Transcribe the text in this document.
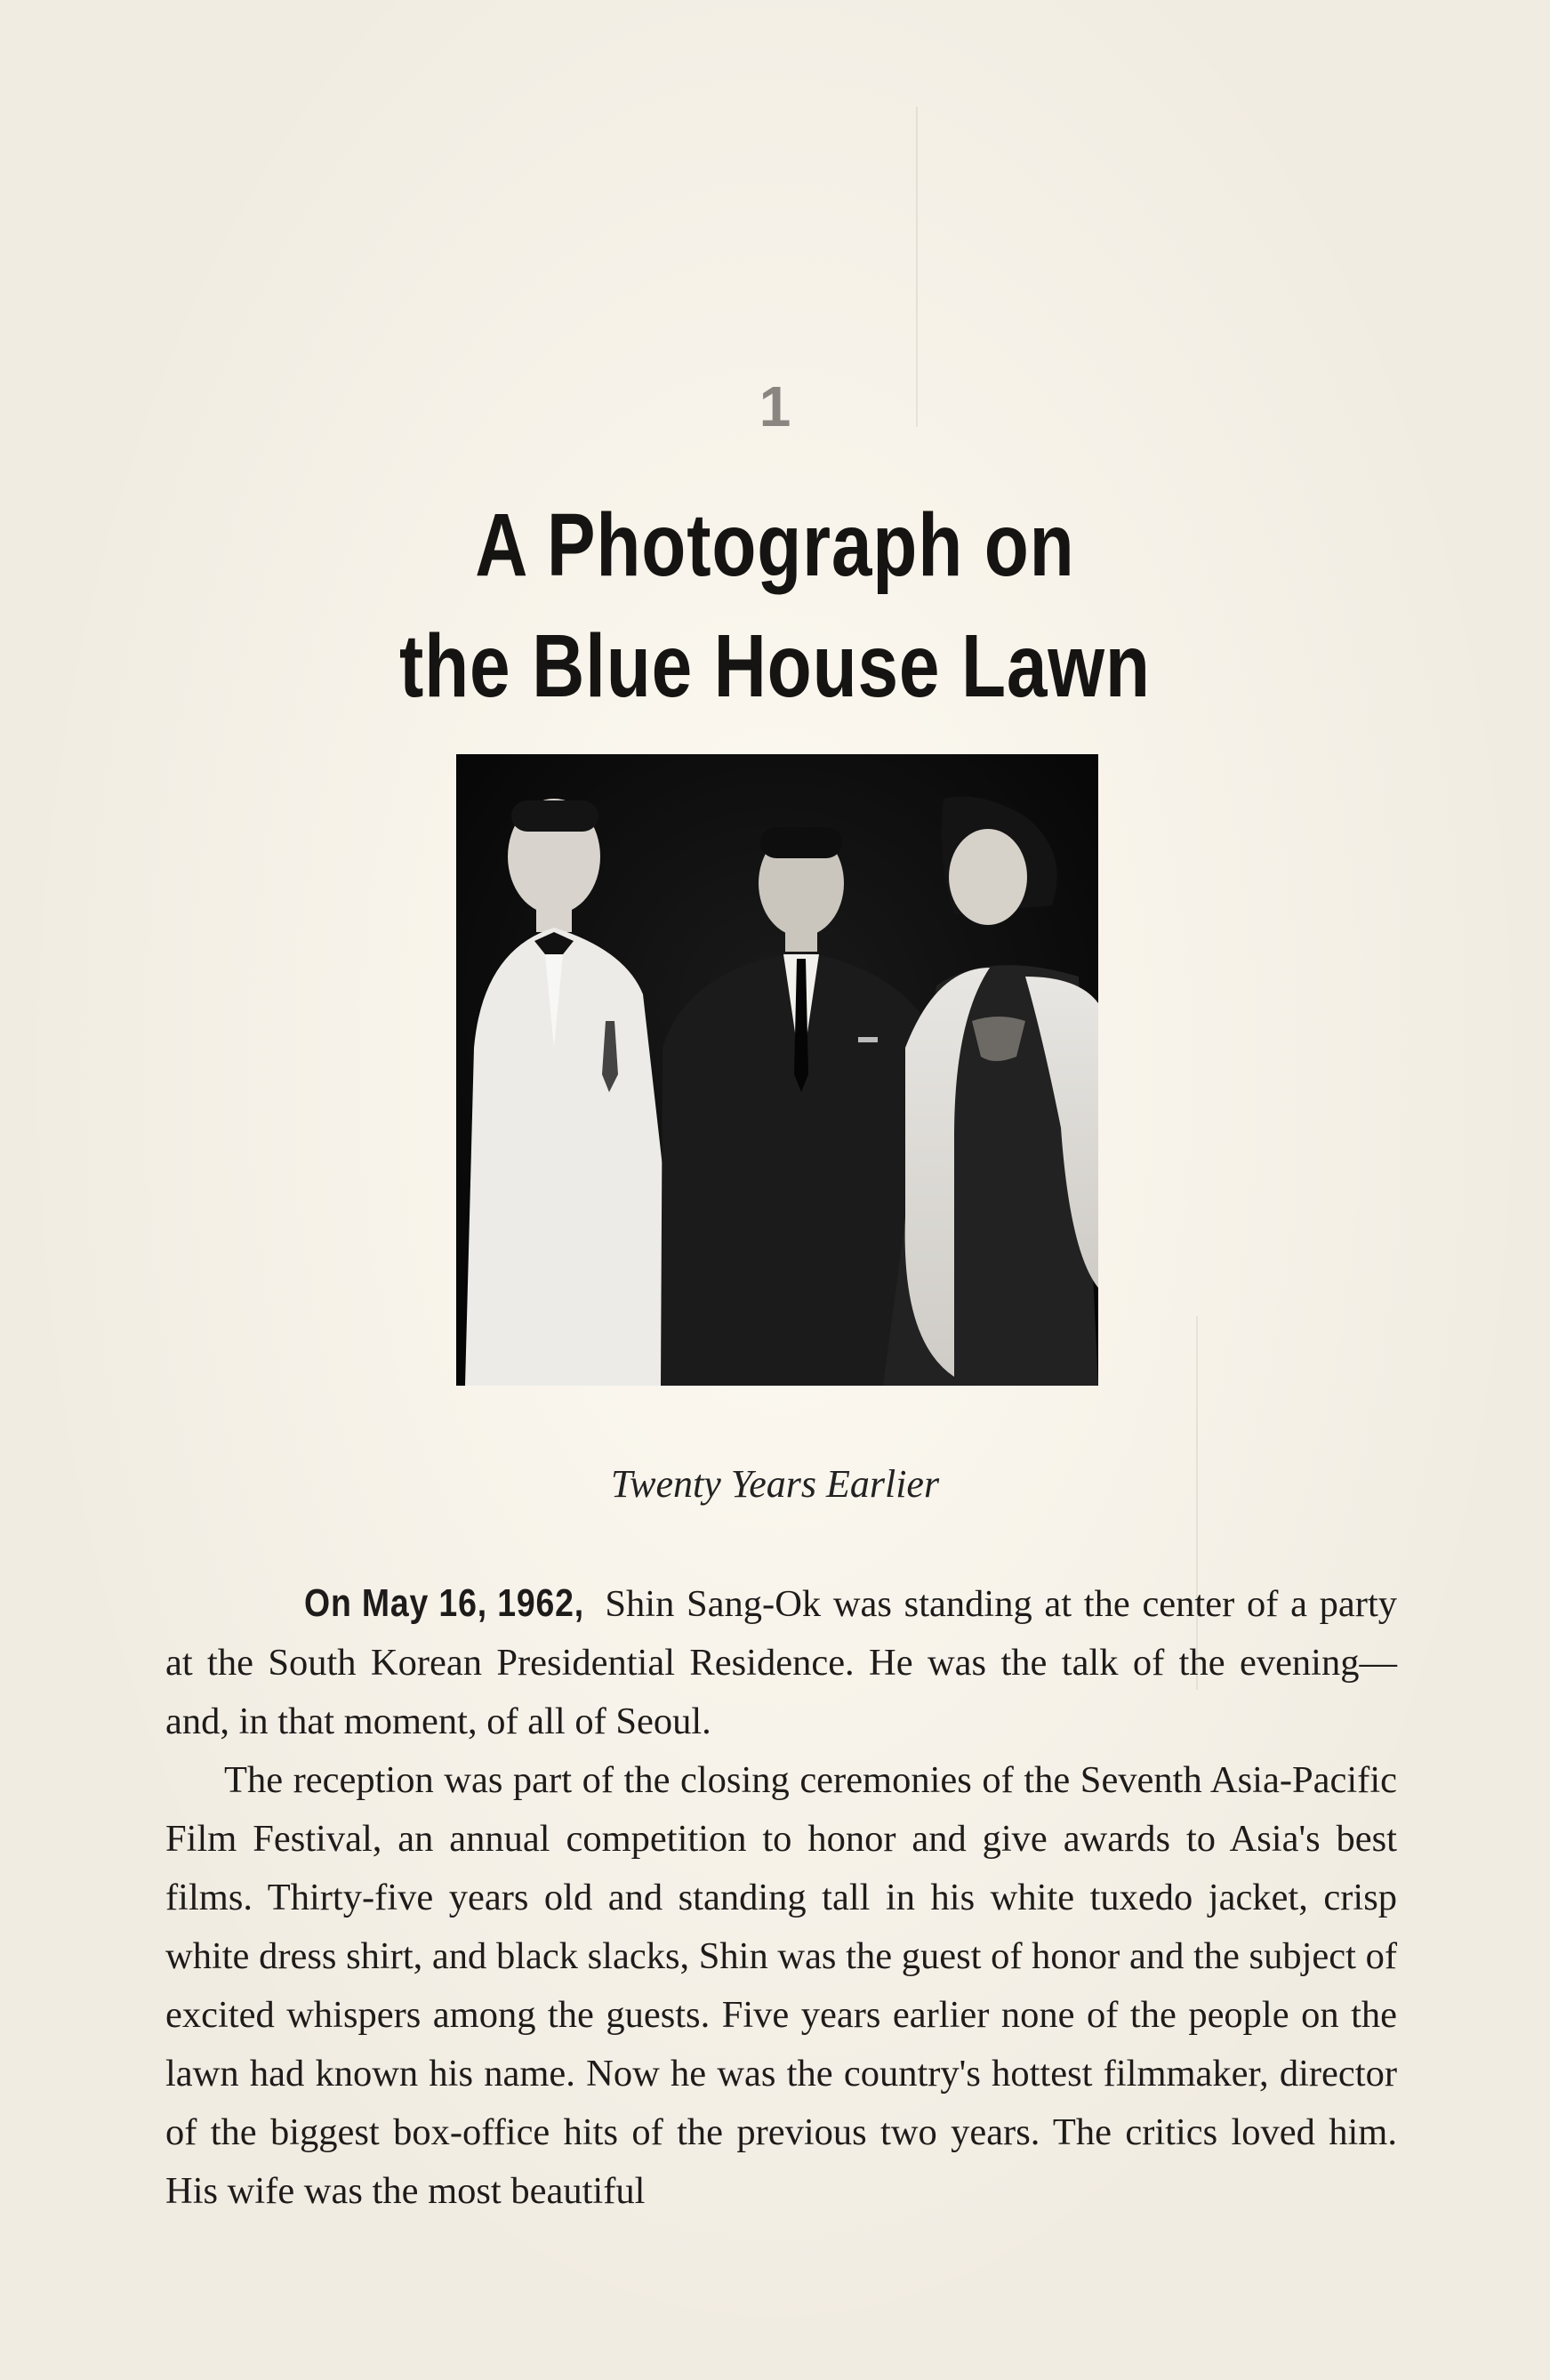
1
A Photograph on
the Blue House Lawn
Twenty Years Earlier

On May 16, 1962, Shin Sang-Ok was standing at the center of a party at the South Korean Presidential Residence. He was the talk of the evening—and, in that moment, of all of Seoul.

The reception was part of the closing ceremonies of the Seventh Asia-Pacific Film Festival, an annual competition to honor and give awards to Asia's best films. Thirty-five years old and standing tall in his white tuxedo jacket, crisp white dress shirt, and black slacks, Shin was the guest of honor and the subject of excited whispers among the guests. Five years earlier none of the people on the lawn had known his name. Now he was the country's hottest filmmaker, director of the biggest box-office hits of the previous two years. The critics loved him. His wife was the most beautiful
